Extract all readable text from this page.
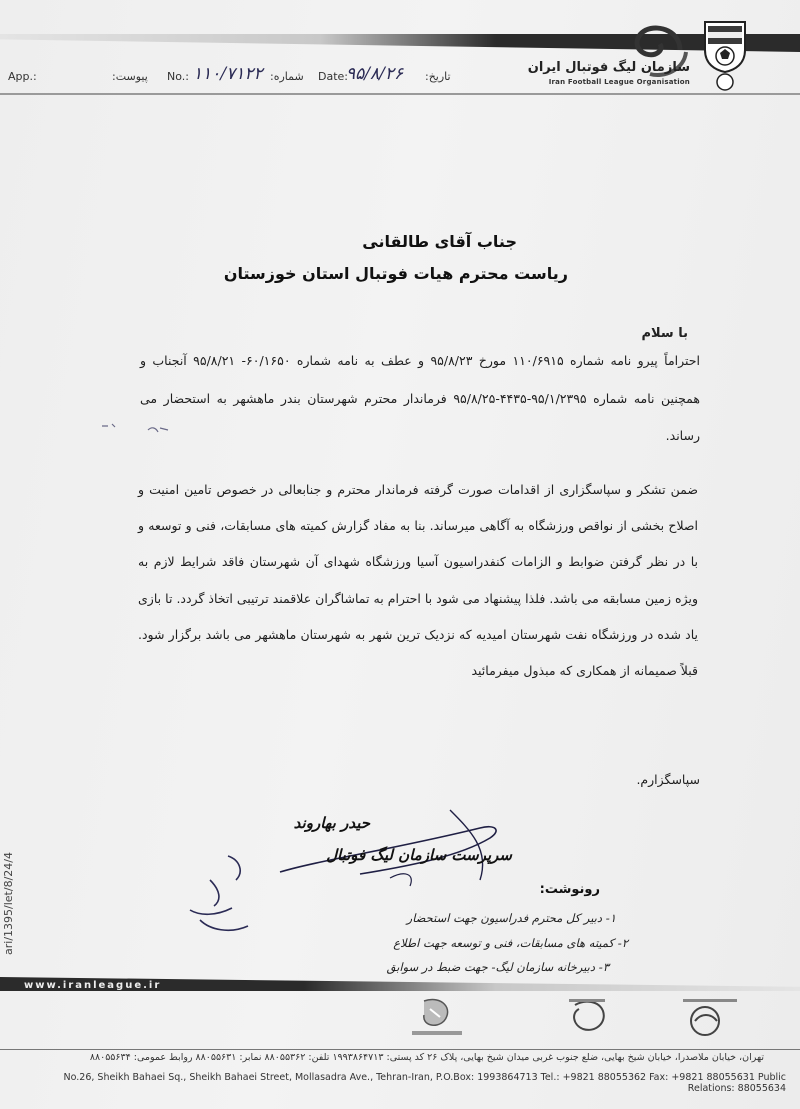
سازمان لیگ فوتبال ایران
Iran Football League Organisation
App.:	پیوست: No.: ۱۱۰/۷۱۲۲ شماره: Date:
۹۵/۸/۲۶ تاریخ:
جناب آقای طالقانی
ریاست محترم هیات فوتبال استان خوزستان
با سلام
احتراماً پیرو نامه شماره ۱۱۰/۶۹۱۵ مورخ ۹۵/۸/۲۳ و عطف به نامه شماره ۶۰/۱۶۵۰- ۹۵/۸/۲۱ آنجناب و همچنین نامه شماره ۹۵/۱/۲۳۹۵-۴۴۳۵-۹۵/۸/۲۵ فرماندار محترم شهرستان بندر ماهشهر به استحضار می رساند.
ضمن تشکر و سپاسگزاری از اقدامات صورت گرفته فرماندار محترم و جنابعالی در خصوص تامین امنیت و اصلاح بخشی از نواقص ورزشگاه به آگاهی میرساند. بنا به مفاد گزارش کمیته های مسابقات، فنی و توسعه و با در نظر گرفتن ضوابط و الزامات کنفدراسیون آسیا ورزشگاه شهدای آن شهرستان فاقد شرایط لازم به ویژه زمین مسابقه می باشد. فلذا پیشنهاد می شود با احترام به تماشاگران علاقمند ترتیبی اتخاذ گردد. تا بازی یاد شده در ورزشگاه نفت شهرستان امیدیه که نزدیک ترین شهر به شهرستان ماهشهر می باشد برگزار شود. قبلاً صمیمانه از همکاری که مبذول میفرمائید
سپاسگزارم.
حیدر بهاروند
سرپرست سازمان لیگ فوتبال
رونوشت:
۱- دبیر کل محترم فدراسیون جهت استحضار
۲- کمیته های مسابقات، فنی و توسعه جهت اطلاع
۳- دبیرخانه سازمان لیگ- جهت ضبط در سوابق
ari/1395/let/8/24/4
www.iranleague.ir
تهران، خیابان ملاصدرا، خیابان شیخ بهایی، ضلع جنوب غربی میدان شیخ بهایی، پلاک ۲۶ کد پستی: ۱۹۹۳۸۶۴۷۱۳ تلفن: ۸۸۰۵۵۳۶۲ نمابر: ۸۸۰۵۵۶۳۱ روابط عمومی: ۸۸۰۵۵۶۳۴
No.26, Sheikh Bahaei Sq., Sheikh Bahaei Street, Mollasadra Ave., Tehran-Iran, P.O.Box: 1993864713 Tel.: +9821 88055362 Fax: +9821 88055631 Public Relations: 88055634
